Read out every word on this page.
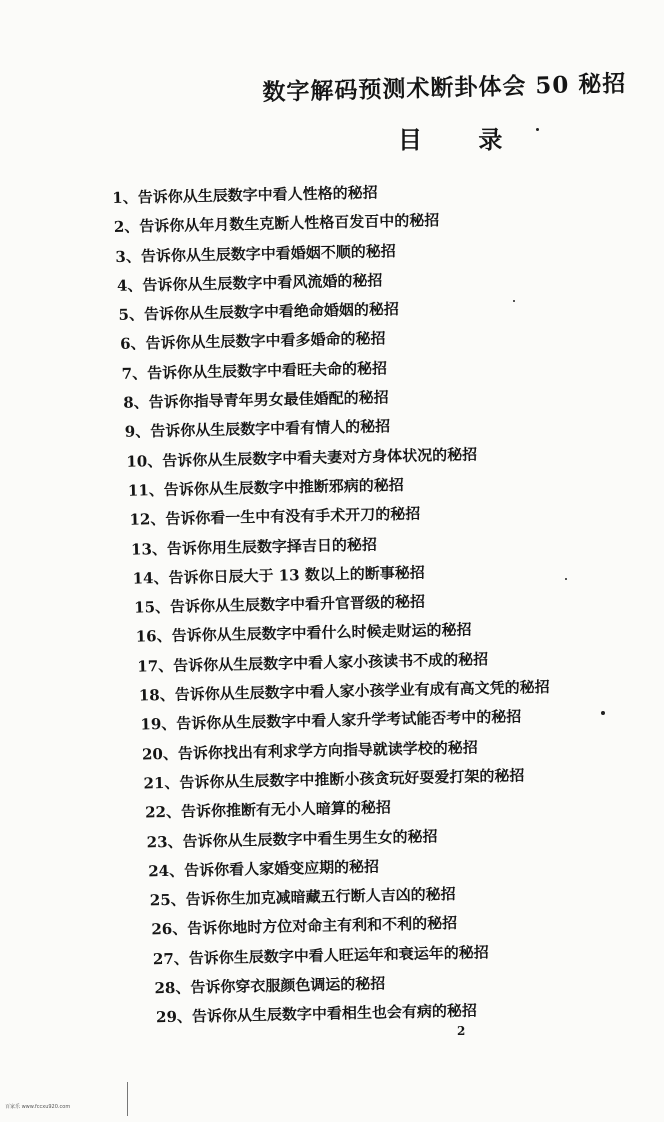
数字解码预测术断卦体会 50 秘招
目 录
1、告诉你从生辰数字中看人性格的秘招
2、告诉你从年月数生克断人性格百发百中的秘招
3、告诉你从生辰数字中看婚姻不顺的秘招
4、告诉你从生辰数字中看风流婚的秘招
5、告诉你从生辰数字中看绝命婚姻的秘招
6、告诉你从生辰数字中看多婚命的秘招
7、告诉你从生辰数字中看旺夫命的秘招
8、告诉你指导青年男女最佳婚配的秘招
9、告诉你从生辰数字中看有情人的秘招
10、告诉你从生辰数字中看夫妻对方身体状况的秘招
11、告诉你从生辰数字中推断邪病的秘招
12、告诉你看一生中有没有手术开刀的秘招
13、告诉你用生辰数字择吉日的秘招
14、告诉你日辰大于 13 数以上的断事秘招
15、告诉你从生辰数字中看升官晋级的秘招
16、告诉你从生辰数字中看什么时候走财运的秘招
17、告诉你从生辰数字中看人家小孩读书不成的秘招
18、告诉你从生辰数字中看人家小孩学业有成有高文凭的秘招
19、告诉你从生辰数字中看人家升学考试能否考中的秘招
20、告诉你找出有利求学方向指导就读学校的秘招
21、告诉你从生辰数字中推断小孩贪玩好耍爱打架的秘招
22、告诉你推断有无小人暗算的秘招
23、告诉你从生辰数字中看生男生女的秘招
24、告诉你看人家婚变应期的秘招
25、告诉你生加克减暗藏五行断人吉凶的秘招
26、告诉你地时方位对命主有利和不利的秘招
27、告诉你生辰数字中看人旺运年和衰运年的秘招
28、告诉你穿衣服颜色调运的秘招
29、告诉你从生辰数字中看相生也会有病的秘招
2
百家乐 www.fccxu920.com
